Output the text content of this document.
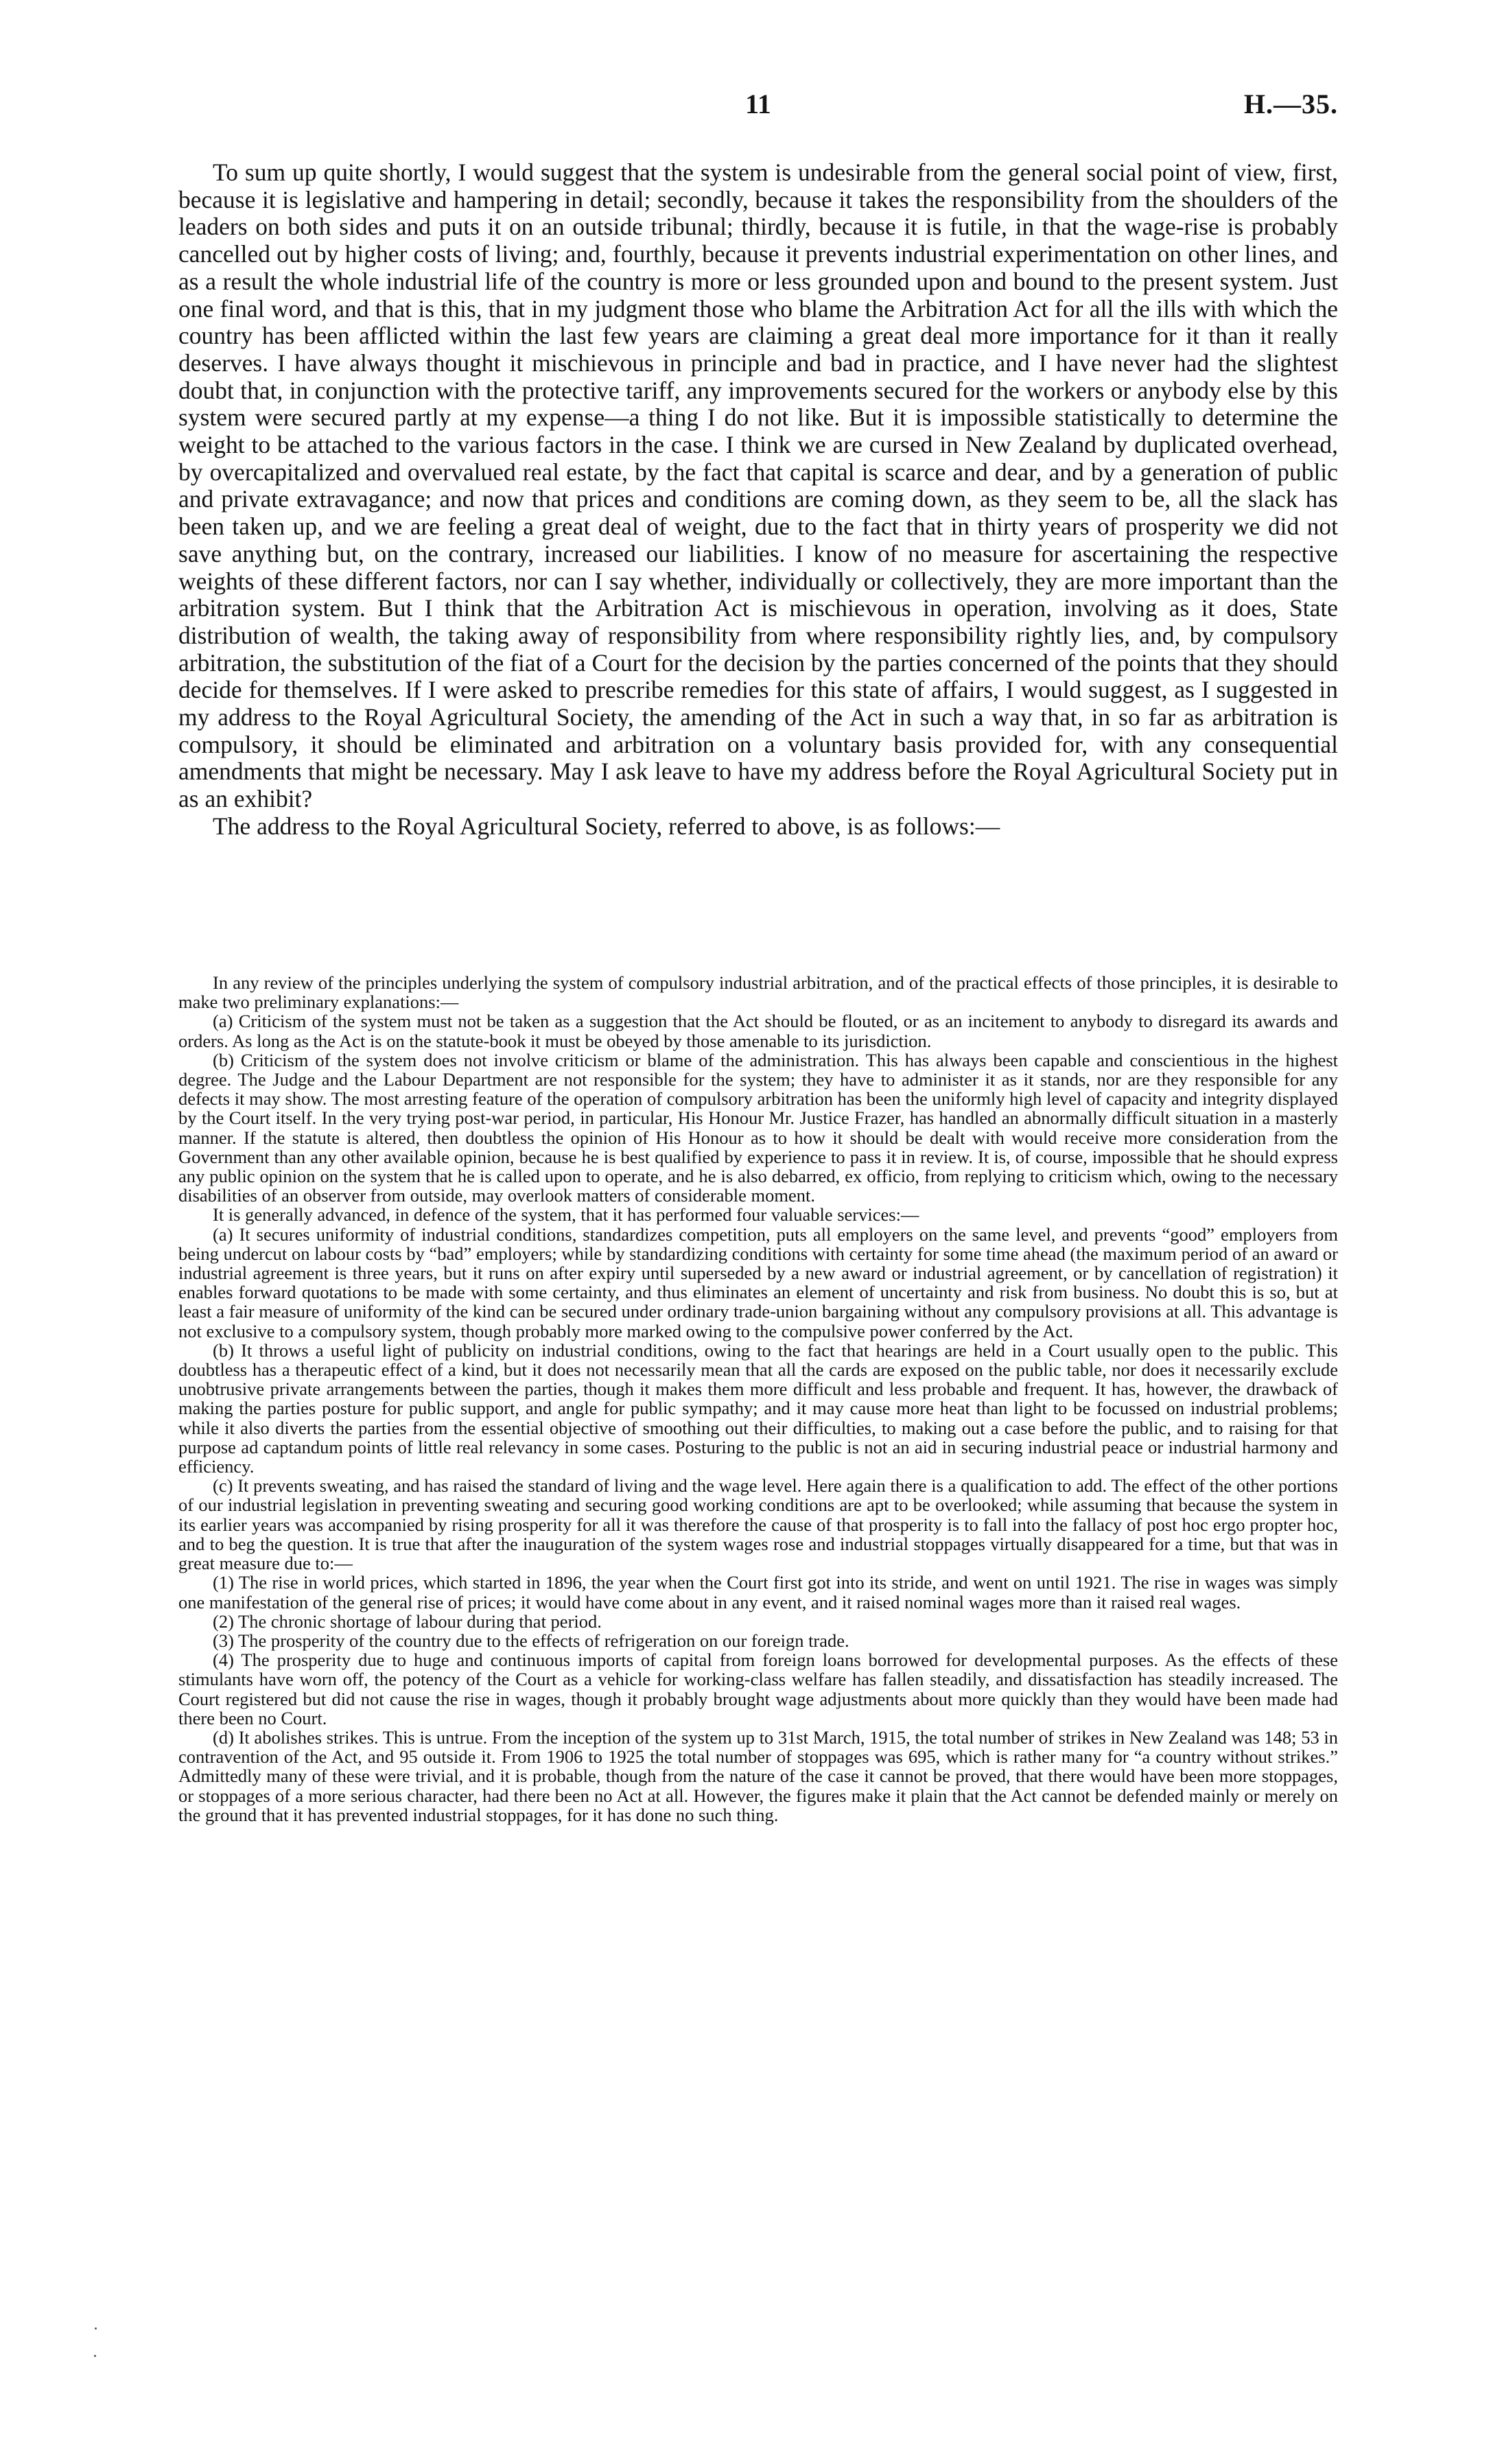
11	H.—35.

To sum up quite shortly, I would suggest that the system is undesirable from the general social point of view, first, because it is legislative and hampering in detail; secondly, because it takes the responsibility from the shoulders of the leaders on both sides and puts it on an outside tribunal; thirdly, because it is futile, in that the wage-rise is probably cancelled out by higher costs of living; and, fourthly, because it prevents industrial experimentation on other lines, and as a result the whole industrial life of the country is more or less grounded upon and bound to the present system. Just one final word, and that is this, that in my judgment those who blame the Arbitration Act for all the ills with which the country has been afflicted within the last few years are claiming a great deal more importance for it than it really deserves. I have always thought it mischievous in principle and bad in practice, and I have never had the slightest doubt that, in conjunction with the protective tariff, any improvements secured for the workers or anybody else by this system were secured partly at my expense—a thing I do not like. But it is impossible statistically to determine the weight to be attached to the various factors in the case. I think we are cursed in New Zealand by duplicated overhead, by overcapitalized and overvalued real estate, by the fact that capital is scarce and dear, and by a generation of public and private extravagance; and now that prices and conditions are coming down, as they seem to be, all the slack has been taken up, and we are feeling a great deal of weight, due to the fact that in thirty years of prosperity we did not save anything but, on the contrary, increased our liabilities. I know of no measure for ascertaining the respective weights of these different factors, nor can I say whether, individually or collectively, they are more important than the arbitration system. But I think that the Arbitration Act is mischievous in operation, involving as it does, State distribution of wealth, the taking away of responsibility from where responsibility rightly lies, and, by compulsory arbitration, the substitution of the fiat of a Court for the decision by the parties concerned of the points that they should decide for themselves. If I were asked to prescribe remedies for this state of affairs, I would suggest, as I suggested in my address to the Royal Agricultural Society, the amending of the Act in such a way that, in so far as arbitration is compulsory, it should be eliminated and arbitration on a voluntary basis provided for, with any consequential amendments that might be necessary. May I ask leave to have my address before the Royal Agricultural Society put in as an exhibit?

The address to the Royal Agricultural Society, referred to above, is as follows:—

In any review of the principles underlying the system of compulsory industrial arbitration, and of the practical effects of those principles, it is desirable to make two preliminary explanations:—

(a) Criticism of the system must not be taken as a suggestion that the Act should be flouted, or as an incitement to anybody to disregard its awards and orders. As long as the Act is on the statute-book it must be obeyed by those amenable to its jurisdiction.

(b) Criticism of the system does not involve criticism or blame of the administration. This has always been capable and conscientious in the highest degree. The Judge and the Labour Department are not responsible for the system; they have to administer it as it stands, nor are they responsible for any defects it may show. The most arresting feature of the operation of compulsory arbitration has been the uniformly high level of capacity and integrity displayed by the Court itself. In the very trying post-war period, in particular, His Honour Mr. Justice Frazer, has handled an abnormally difficult situation in a masterly manner. If the statute is altered, then doubtless the opinion of His Honour as to how it should be dealt with would receive more consideration from the Government than any other available opinion, because he is best qualified by experience to pass it in review. It is, of course, impossible that he should express any public opinion on the system that he is called upon to operate, and he is also debarred, ex officio, from replying to criticism which, owing to the necessary disabilities of an observer from outside, may overlook matters of considerable moment.

It is generally advanced, in defence of the system, that it has performed four valuable services:—

(a) It secures uniformity of industrial conditions, standardizes competition, puts all employers on the same level, and prevents “good” employers from being undercut on labour costs by “bad” employers; while by standardizing conditions with certainty for some time ahead (the maximum period of an award or industrial agreement is three years, but it runs on after expiry until superseded by a new award or industrial agreement, or by cancellation of registration) it enables forward quotations to be made with some certainty, and thus eliminates an element of uncertainty and risk from business. No doubt this is so, but at least a fair measure of uniformity of the kind can be secured under ordinary trade-union bargaining without any compulsory provisions at all. This advantage is not exclusive to a compulsory system, though probably more marked owing to the compulsive power conferred by the Act.

(b) It throws a useful light of publicity on industrial conditions, owing to the fact that hearings are held in a Court usually open to the public. This doubtless has a therapeutic effect of a kind, but it does not necessarily mean that all the cards are exposed on the public table, nor does it necessarily exclude unobtrusive private arrangements between the parties, though it makes them more difficult and less probable and frequent. It has, however, the drawback of making the parties posture for public support, and angle for public sympathy; and it may cause more heat than light to be focussed on industrial problems; while it also diverts the parties from the essential objective of smoothing out their difficulties, to making out a case before the public, and to raising for that purpose ad captandum points of little real relevancy in some cases. Posturing to the public is not an aid in securing industrial peace or industrial harmony and efficiency.

(c) It prevents sweating, and has raised the standard of living and the wage level. Here again there is a qualification to add. The effect of the other portions of our industrial legislation in preventing sweating and securing good working conditions are apt to be overlooked; while assuming that because the system in its earlier years was accompanied by rising prosperity for all it was therefore the cause of that prosperity is to fall into the fallacy of post hoc ergo propter hoc, and to beg the question. It is true that after the inauguration of the system wages rose and industrial stoppages virtually disappeared for a time, but that was in great measure due to:—

(1) The rise in world prices, which started in 1896, the year when the Court first got into its stride, and went on until 1921. The rise in wages was simply one manifestation of the general rise of prices; it would have come about in any event, and it raised nominal wages more than it raised real wages.

(2) The chronic shortage of labour during that period.

(3) The prosperity of the country due to the effects of refrigeration on our foreign trade.

(4) The prosperity due to huge and continuous imports of capital from foreign loans borrowed for developmental purposes. As the effects of these stimulants have worn off, the potency of the Court as a vehicle for working-class welfare has fallen steadily, and dissatisfaction has steadily increased. The Court registered but did not cause the rise in wages, though it probably brought wage adjustments about more quickly than they would have been made had there been no Court.

(d) It abolishes strikes. This is untrue. From the inception of the system up to 31st March, 1915, the total number of strikes in New Zealand was 148; 53 in contravention of the Act, and 95 outside it. From 1906 to 1925 the total number of stoppages was 695, which is rather many for “a country without strikes.” Admittedly many of these were trivial, and it is probable, though from the nature of the case it cannot be proved, that there would have been more stoppages, or stoppages of a more serious character, had there been no Act at all. However, the figures make it plain that the Act cannot be defended mainly or merely on the ground that it has prevented industrial stoppages, for it has done no such thing.
